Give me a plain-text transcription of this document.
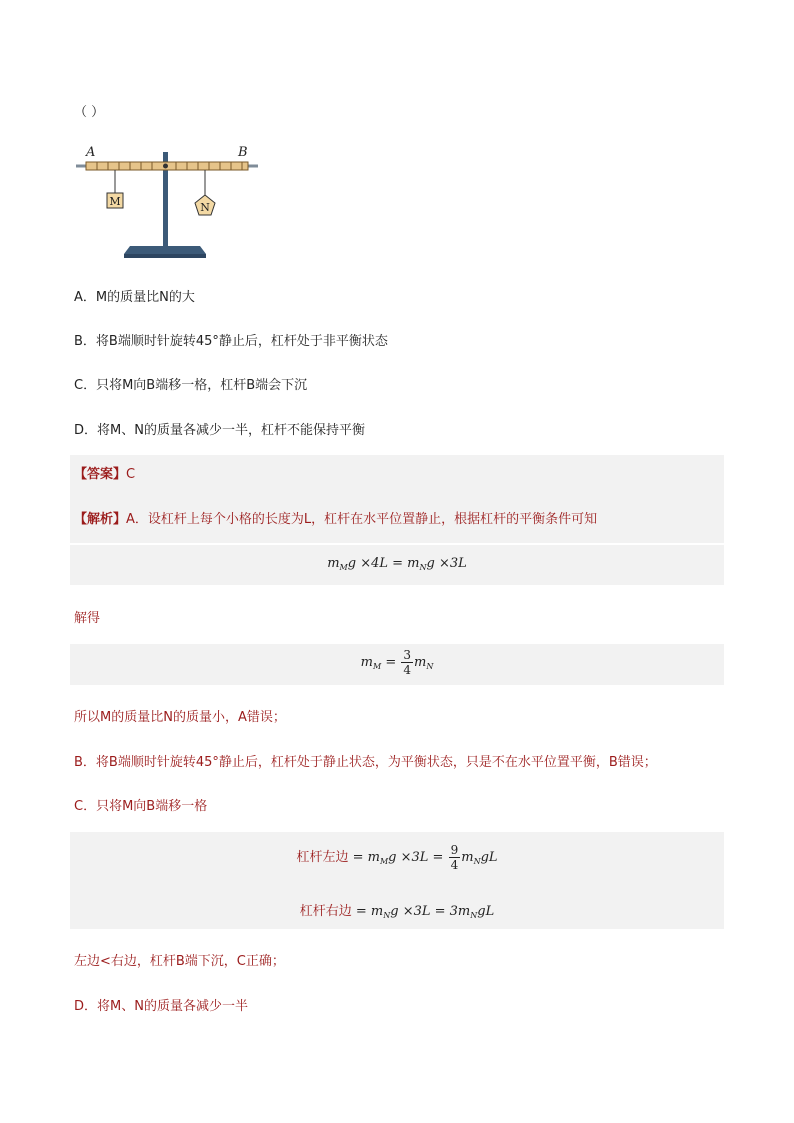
（ ）
M	N
A	B
A．M的质量比N的大
B．将B端顺时针旋转45°静止后，杠杆处于非平衡状态
C．只将M向B端移一格，杠杆B端会下沉
D．将M、N的质量各减少一半，杠杆不能保持平衡
【答案】C
【解析】A．设杠杆上每个小格的长度为L，杠杆在水平位置静止，根据杠杆的平衡条件可知
$m_Mg \times 4L = m_Ng \times 3L$
解得
$m_M = \frac{3}{4} m_N$
所以M的质量比N的质量小，A错误；
B．将B端顺时针旋转45°静止后，杠杆处于静止状态，为平衡状态，只是不在水平位置平衡，B错误；
C．只将M向B端移一格
杠杆左边 = $m_Mg \times 3L = \frac{9}{4} m_NgL$
杠杆右边 = $m_Ng \times 3L = 3m_NgL$
左边<右边，杠杆B端下沉，C正确；
D．将M、N的质量各减少一半
